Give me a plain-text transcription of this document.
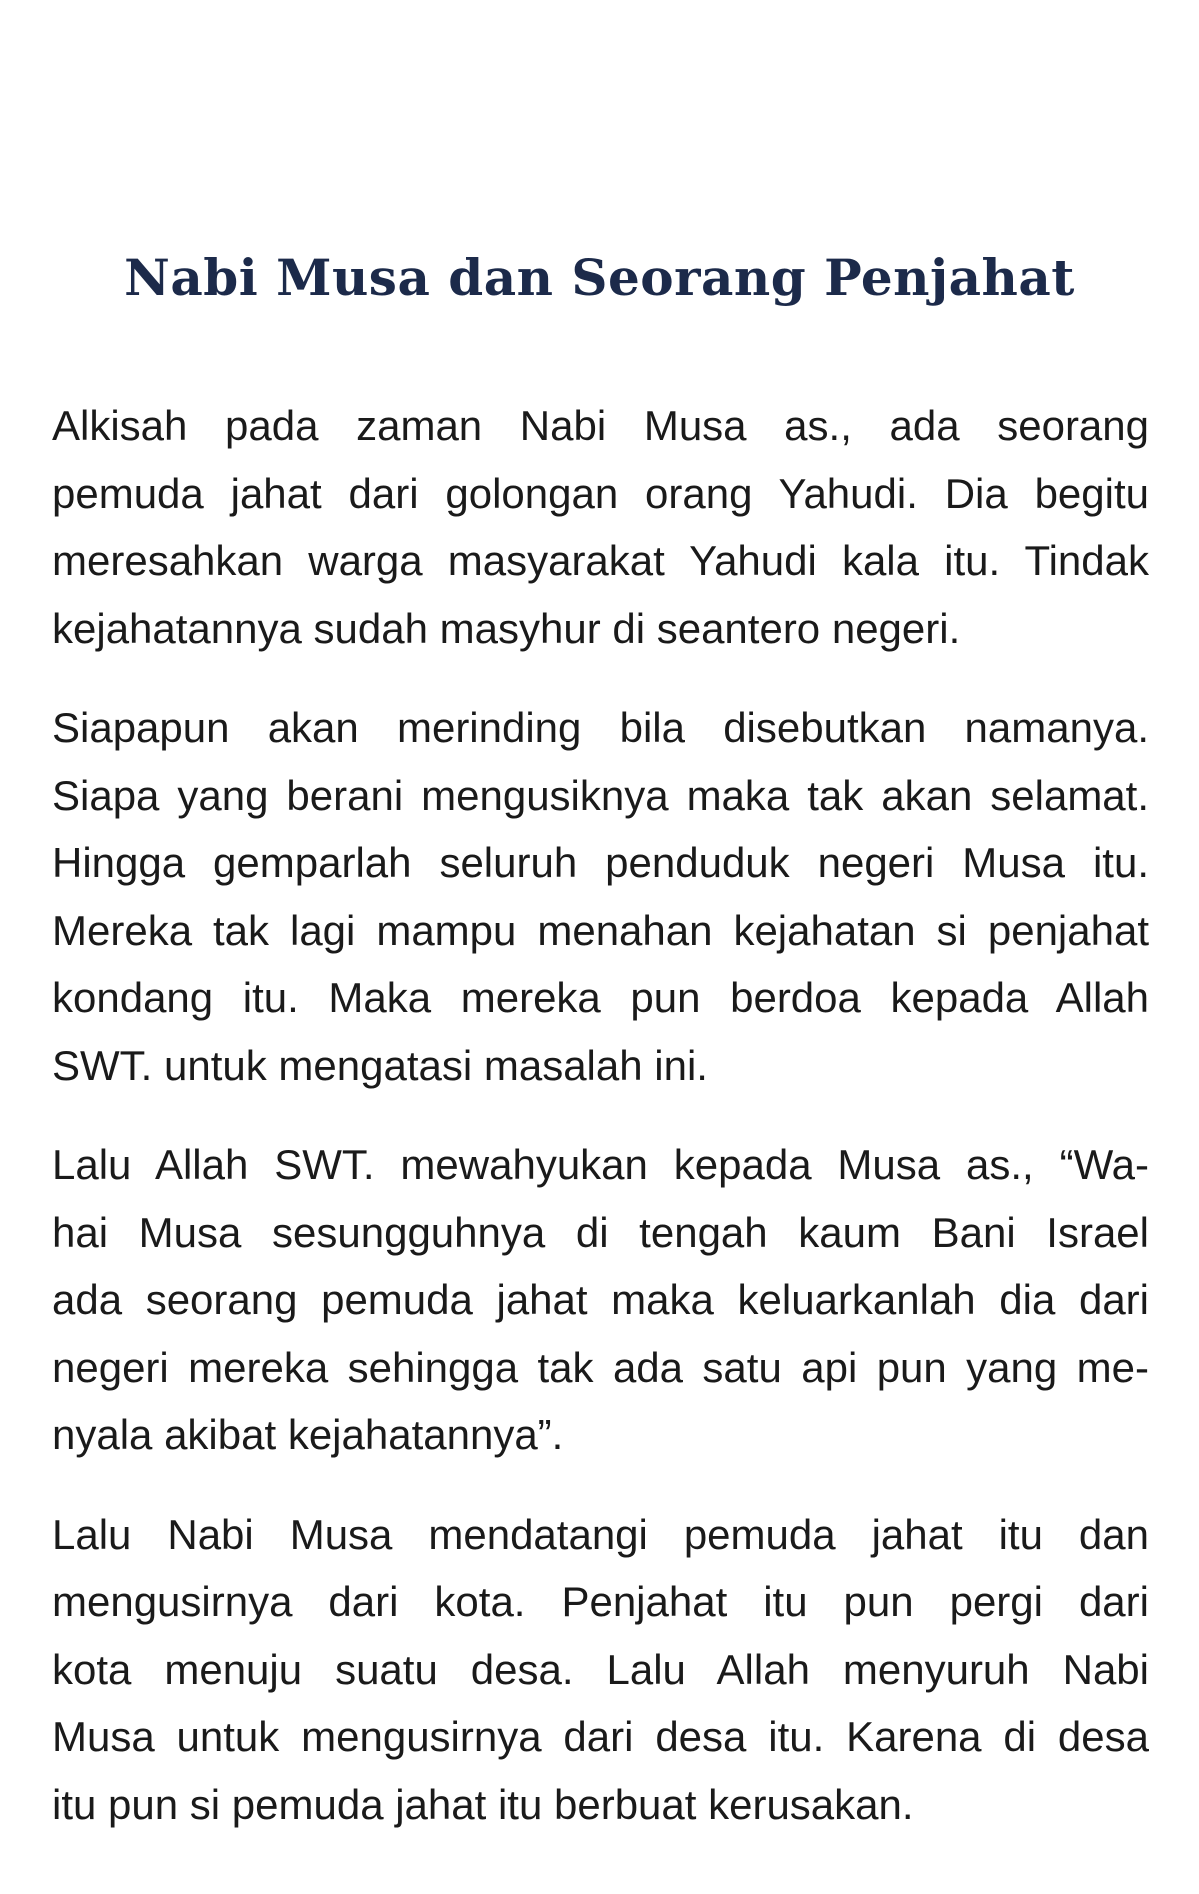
Nabi Musa dan Seorang Penjahat

Alkisah pada zaman Nabi Musa as., ada seorang
pemuda jahat dari golongan orang Yahudi. Dia begitu
meresahkan warga masyarakat Yahudi kala itu. Tindak
kejahatannya sudah masyhur di seantero negeri.

Siapapun akan merinding bila disebutkan namanya.
Siapa yang berani mengusiknya maka tak akan selamat.
Hingga gemparlah seluruh penduduk negeri Musa itu.
Mereka tak lagi mampu menahan kejahatan si penjahat
kondang itu. Maka mereka pun berdoa kepada Allah
SWT. untuk mengatasi masalah ini.

Lalu Allah SWT. mewahyukan kepada Musa as., “Wa-
hai Musa sesungguhnya di tengah kaum Bani Israel
ada seorang pemuda jahat maka keluarkanlah dia dari
negeri mereka sehingga tak ada satu api pun yang me-
nyala akibat kejahatannya”.

Lalu Nabi Musa mendatangi pemuda jahat itu dan
mengusirnya dari kota. Penjahat itu pun pergi dari
kota menuju suatu desa. Lalu Allah menyuruh Nabi
Musa untuk mengusirnya dari desa itu. Karena di desa
itu pun si pemuda jahat itu berbuat kerusakan.
